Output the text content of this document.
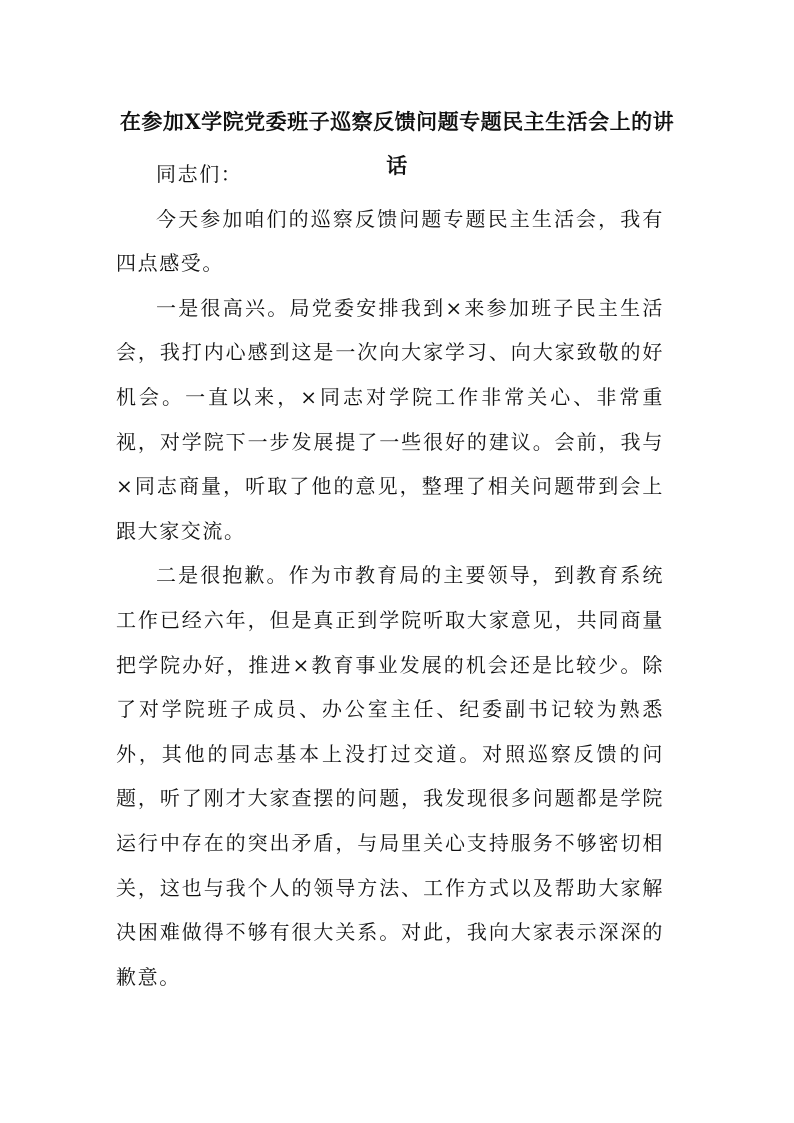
在参加X学院党委班子巡察反馈问题专题民主生活会上的讲话

同志们：

今天参加咱们的巡察反馈问题专题民主生活会，我有四点感受。

一是很高兴。局党委安排我到×来参加班子民主生活会，我打内心感到这是一次向大家学习、向大家致敬的好机会。一直以来，×同志对学院工作非常关心、非常重视，对学院下一步发展提了一些很好的建议。会前，我与×同志商量，听取了他的意见，整理了相关问题带到会上跟大家交流。

二是很抱歉。作为市教育局的主要领导，到教育系统工作已经六年，但是真正到学院听取大家意见，共同商量把学院办好，推进×教育事业发展的机会还是比较少。除了对学院班子成员、办公室主任、纪委副书记较为熟悉外，其他的同志基本上没打过交道。对照巡察反馈的问题，听了刚才大家查摆的问题，我发现很多问题都是学院运行中存在的突出矛盾，与局里关心支持服务不够密切相关，这也与我个人的领导方法、工作方式以及帮助大家解决困难做得不够有很大关系。对此，我向大家表示深深的歉意。
